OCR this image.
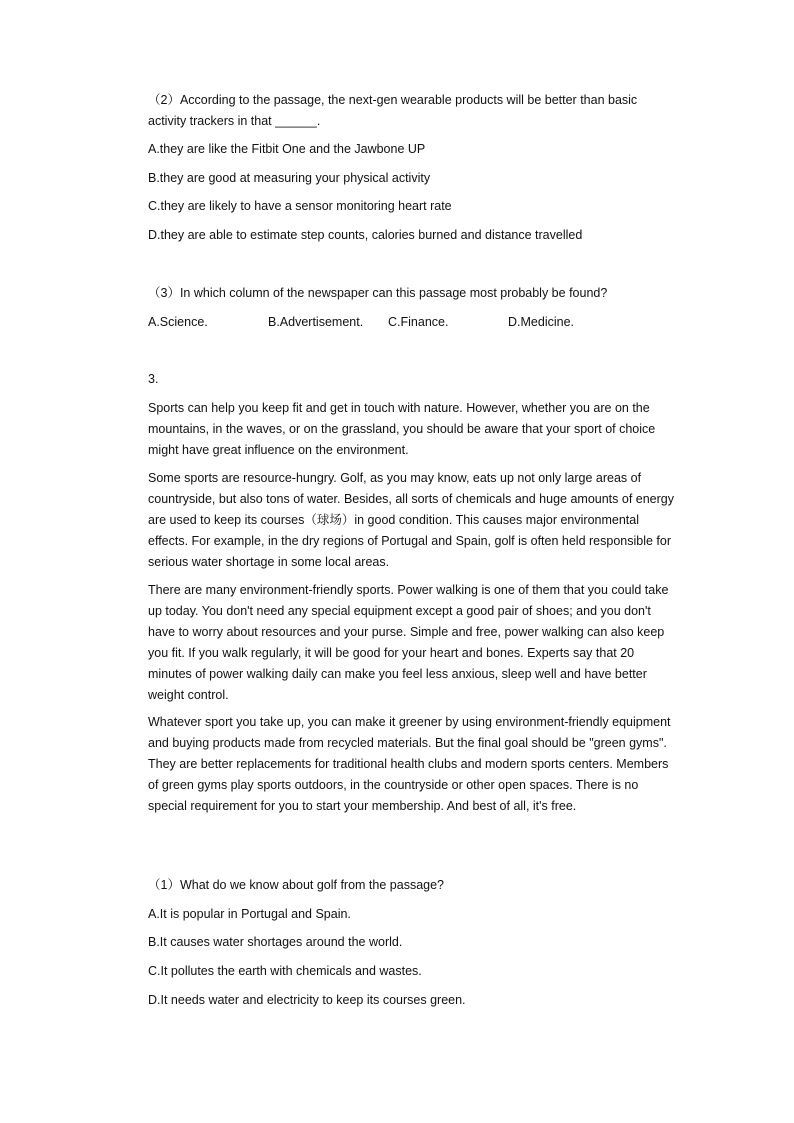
（2）According to the passage, the next-gen wearable products will be better than basic
activity trackers in that ______.
A.they are like the Fitbit One and the Jawbone UP
B.they are good at measuring your physical activity
C.they are likely to have a sensor monitoring heart rate
D.they are able to estimate step counts, calories burned and distance travelled
（3）In which column of the newspaper can this passage most probably be found?
A.Science.	B.Advertisement. C.Finance.	D.Medicine.
3.
Sports can help you keep fit and get in touch with nature. However, whether you are on the mountains, in the waves, or on the grassland, you should be aware that your sport of choice might have great influence on the environment.
Some sports are resource-hungry. Golf, as you may know, eats up not only large areas of countryside, but also tons of water. Besides, all sorts of chemicals and huge amounts of energy are used to keep its courses（球场）in good condition. This causes major environmental effects. For example, in the dry regions of Portugal and Spain, golf is often held responsible for serious water shortage in some local areas.
There are many environment-friendly sports. Power walking is one of them that you could take up today. You don't need any special equipment except a good pair of shoes; and you don't have to worry about resources and your purse. Simple and free, power walking can also keep you fit. If you walk regularly, it will be good for your heart and bones. Experts say that 20 minutes of power walking daily can make you feel less anxious, sleep well and have better weight control.
Whatever sport you take up, you can make it greener by using environment-friendly equipment and buying products made from recycled materials. But the final goal should be "green gyms". They are better replacements for traditional health clubs and modern sports centers. Members of green gyms play sports outdoors, in the countryside or other open spaces. There is no special requirement for you to start your membership. And best of all, it's free.
（1）What do we know about golf from the passage?
A.It is popular in Portugal and Spain.
B.It causes water shortages around the world.
C.It pollutes the earth with chemicals and wastes.
D.It needs water and electricity to keep its courses green.
